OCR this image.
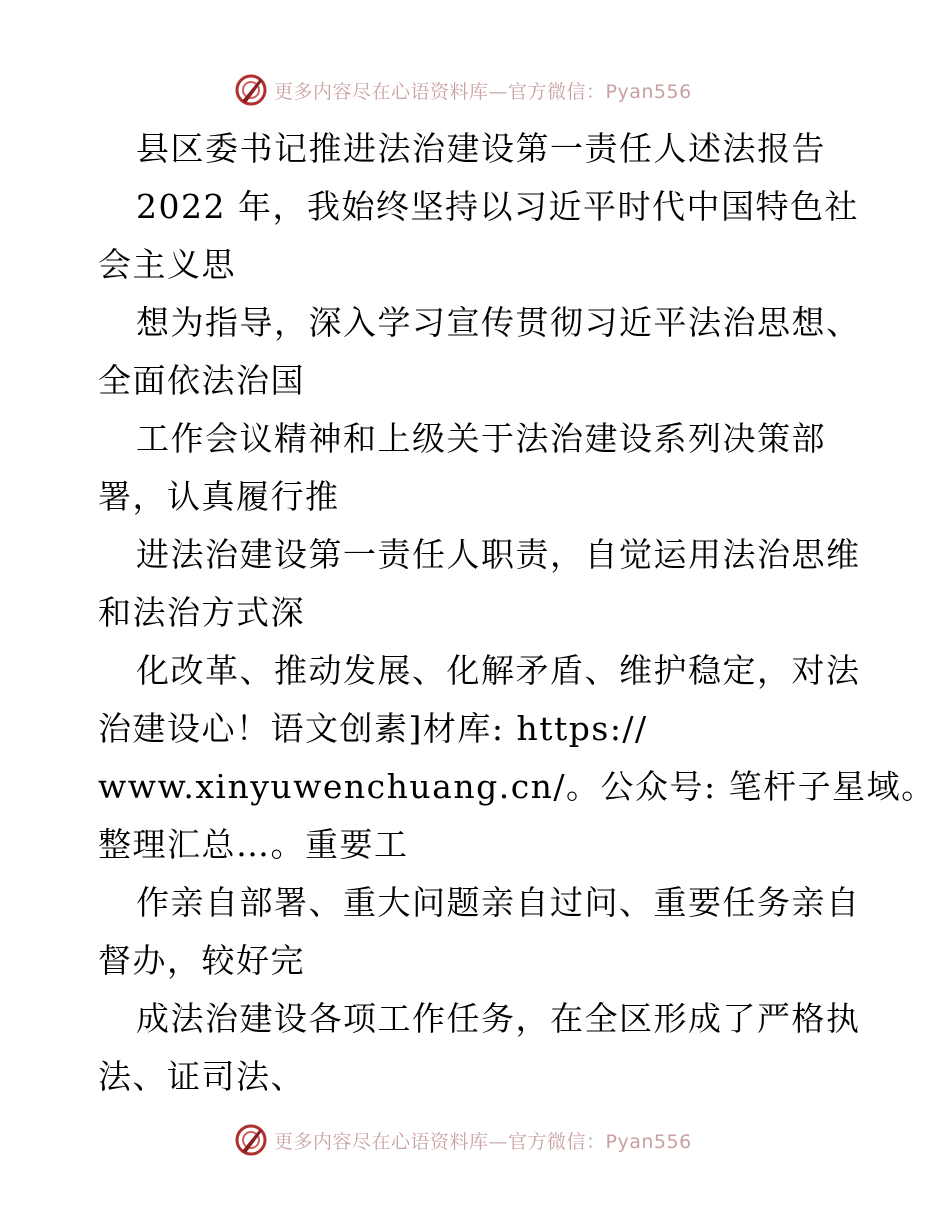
更多内容尽在心语资料库—官方微信：Pyan556
县区委书记推进法治建设第一责任人述法报告
2022 年，我始终坚持以习近平时代中国特色社
会主义思
想为指导，深入学习宣传贯彻习近平法治思想、
全面依法治国
工作会议精神和上级关于法治建设系列决策部
署，认真履行推
进法治建设第一责任人职责，自觉运用法治思维
和法治方式深
化改革、推动发展、化解矛盾、维护稳定，对法
治建设心！语文创素]材库: https://
www.xinyuwenchuang.cn/。公众号: 笔杆子星域。
整理汇总…。重要工
作亲自部署、重大问题亲自过问、重要任务亲自
督办，较好完
成法治建设各项工作任务，在全区形成了严格执
法、证司法、
更多内容尽在心语资料库—官方微信：Pyan556
